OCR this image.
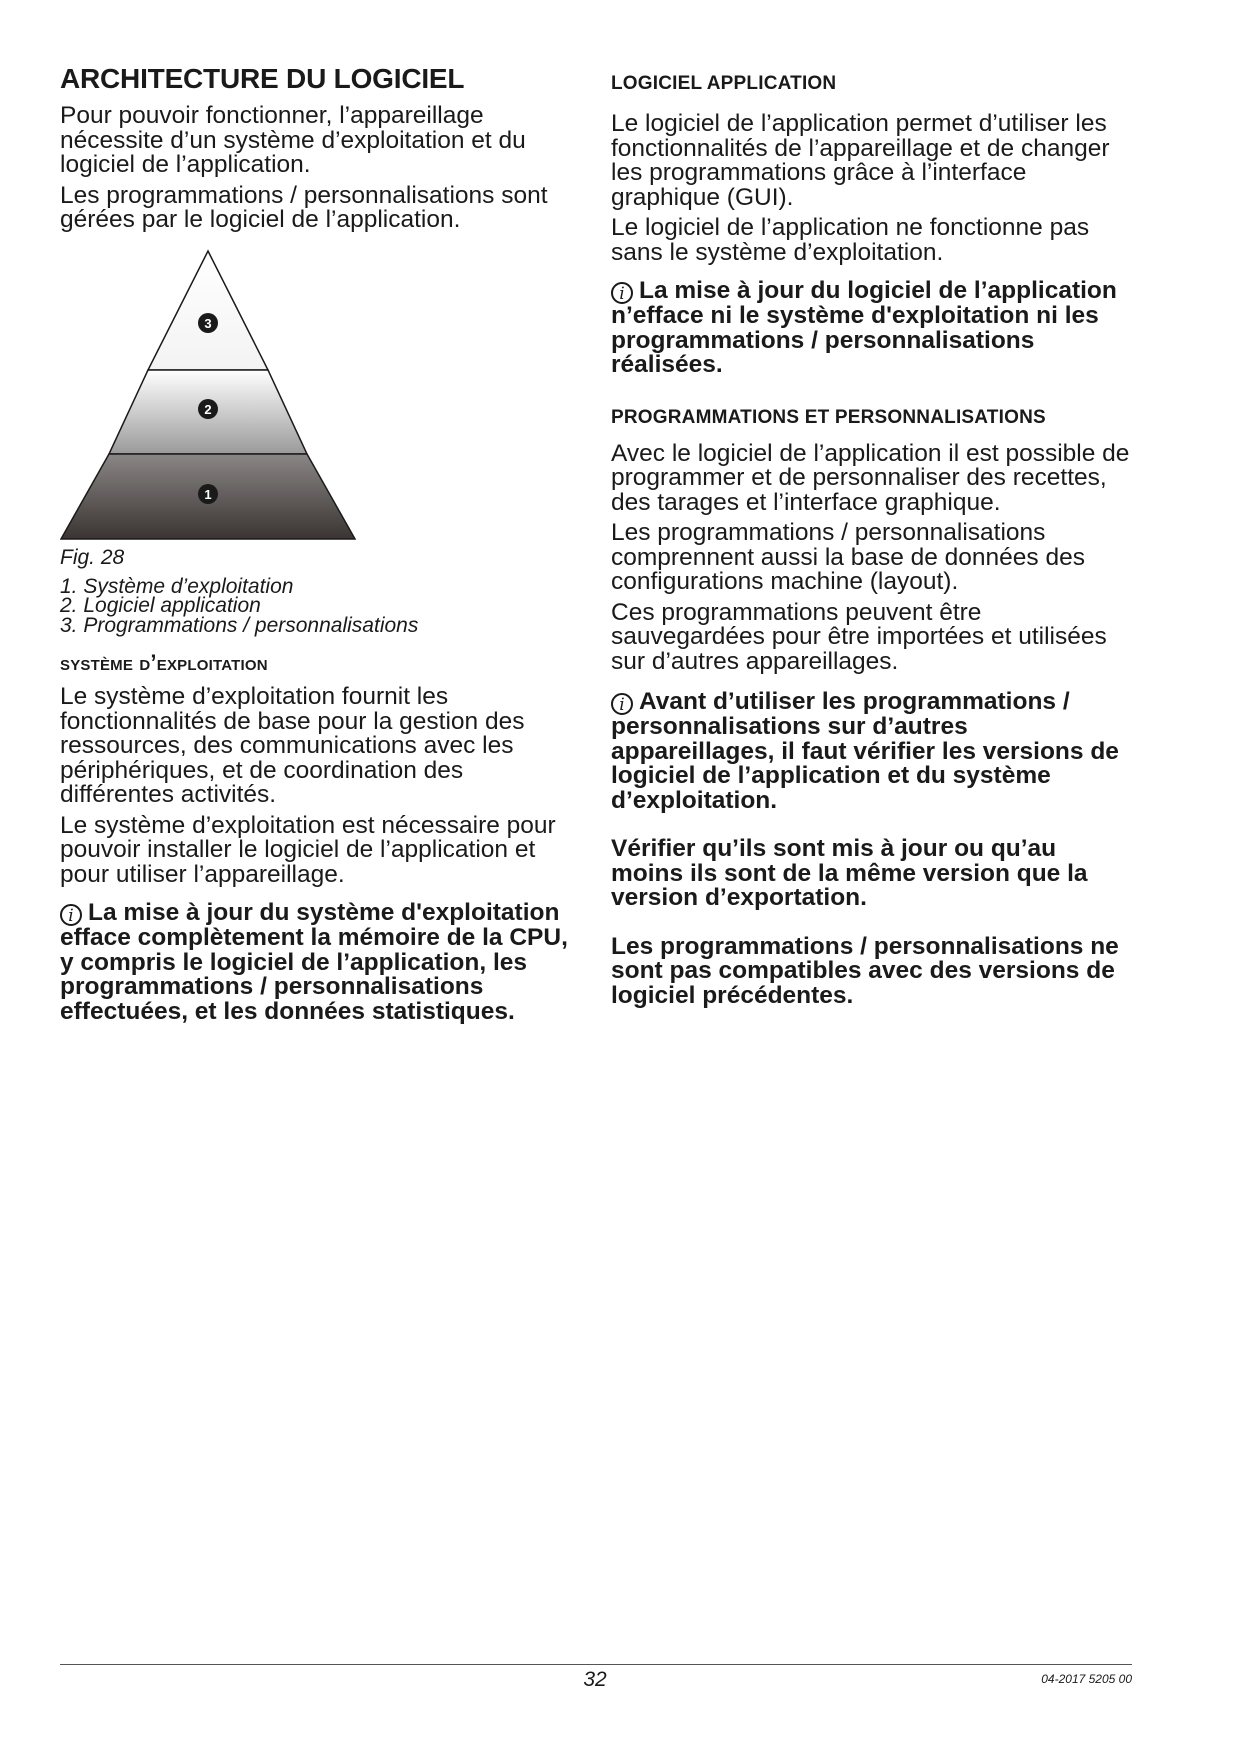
ARCHITECTURE DU LOGICIEL

Pour pouvoir fonctionner, l’appareillage nécessite d’un système d’exploitation et du logiciel de l’application.

Les programmations / personnalisations sont gérées par le logiciel de l’application.

3
2
1
Fig. 28
1. Système d’exploitation
2. Logiciel application
3. Programmations / personnalisations
système d’exploitation

Le système d’exploitation fournit les fonctionnalités de base pour la gestion des ressources, des communications avec les périphériques, et de coordination des différentes activités.

Le système d’exploitation est nécessaire pour pouvoir installer le logiciel de l’application et pour utiliser l’appareillage.

i La mise à jour du système d'exploitation efface complètement la mémoire de la CPU, y compris le logiciel de l’application, les programmations / personnalisations effectuées, et les données statistiques.

LOGICIEL APPLICATION

Le logiciel de l’application permet d’utiliser les fonctionnalités de l’appareillage et de changer les programmations grâce à l’interface graphique (GUI).

Le logiciel de l’application ne fonctionne pas sans le système d’exploitation.

i La mise à jour du logiciel de l’application n’efface ni le système d'exploitation ni les programmations / personnalisations réalisées.

PROGRAMMATIONS ET PERSONNALISATIONS

Avec le logiciel de l’application il est possible de programmer et de personnaliser des recettes, des tarages et l’interface graphique.

Les programmations / personnalisations comprennent aussi la base de données des configurations machine (layout).

Ces programmations peuvent être sauvegardées pour être importées et utilisées sur d’autres appareillages.

i Avant d’utiliser les programmations / personnalisations sur d’autres appareillages, il faut vérifier les versions de logiciel de l’application et du système d’exploitation.

Vérifier qu’ils sont mis à jour ou qu’au moins ils sont de la même version que la version d’exportation.

Les programmations / personnalisations ne sont pas compatibles avec des versions de logiciel précédentes.

32	04-2017 5205 00
